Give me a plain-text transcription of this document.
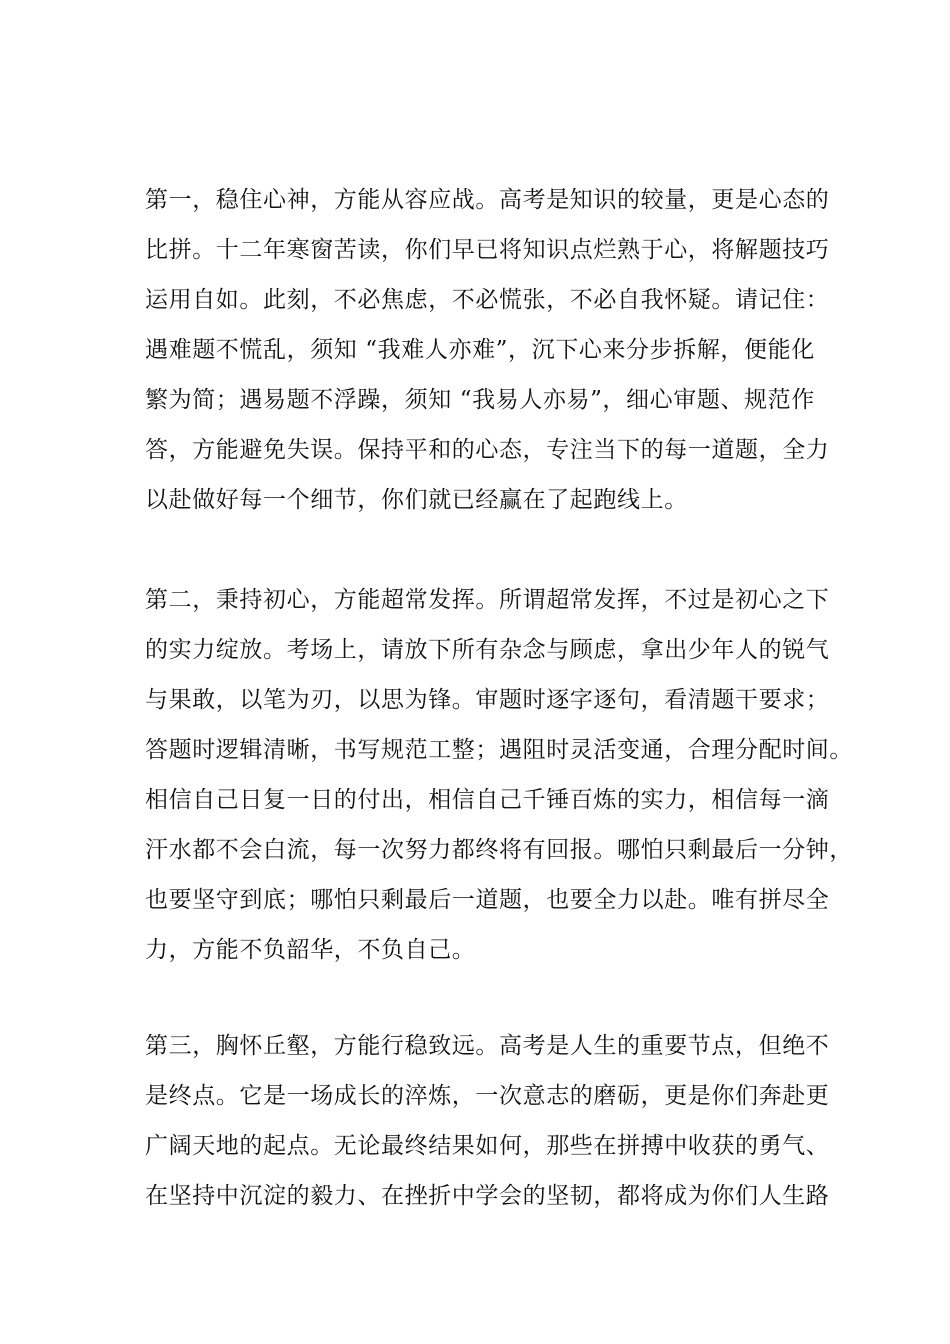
第一，稳住心神，方能从容应战。高考是知识的较量，更是心态的
比拼。十二年寒窗苦读，你们早已将知识点烂熟于心，将解题技巧
运用自如。此刻，不必焦虑，不必慌张，不必自我怀疑。请记住：
遇难题不慌乱，须知 “我难人亦难”，沉下心来分步拆解，便能化
繁为简；遇易题不浮躁，须知 “我易人亦易”，细心审题、规范作
答，方能避免失误。保持平和的心态，专注当下的每一道题，全力
以赴做好每一个细节，你们就已经赢在了起跑线上。
第二，秉持初心，方能超常发挥。所谓超常发挥，不过是初心之下
的实力绽放。考场上，请放下所有杂念与顾虑，拿出少年人的锐气
与果敢，以笔为刃，以思为锋。审题时逐字逐句，看清题干要求；
答题时逻辑清晰，书写规范工整；遇阻时灵活变通，合理分配时间。
相信自己日复一日的付出，相信自己千锤百炼的实力，相信每一滴
汗水都不会白流，每一次努力都终将有回报。哪怕只剩最后一分钟，
也要坚守到底；哪怕只剩最后一道题，也要全力以赴。唯有拼尽全
力，方能不负韶华，不负自己。
第三，胸怀丘壑，方能行稳致远。高考是人生的重要节点，但绝不
是终点。它是一场成长的淬炼，一次意志的磨砺，更是你们奔赴更
广阔天地的起点。无论最终结果如何，那些在拼搏中收获的勇气、
在坚持中沉淀的毅力、在挫折中学会的坚韧，都将成为你们人生路
